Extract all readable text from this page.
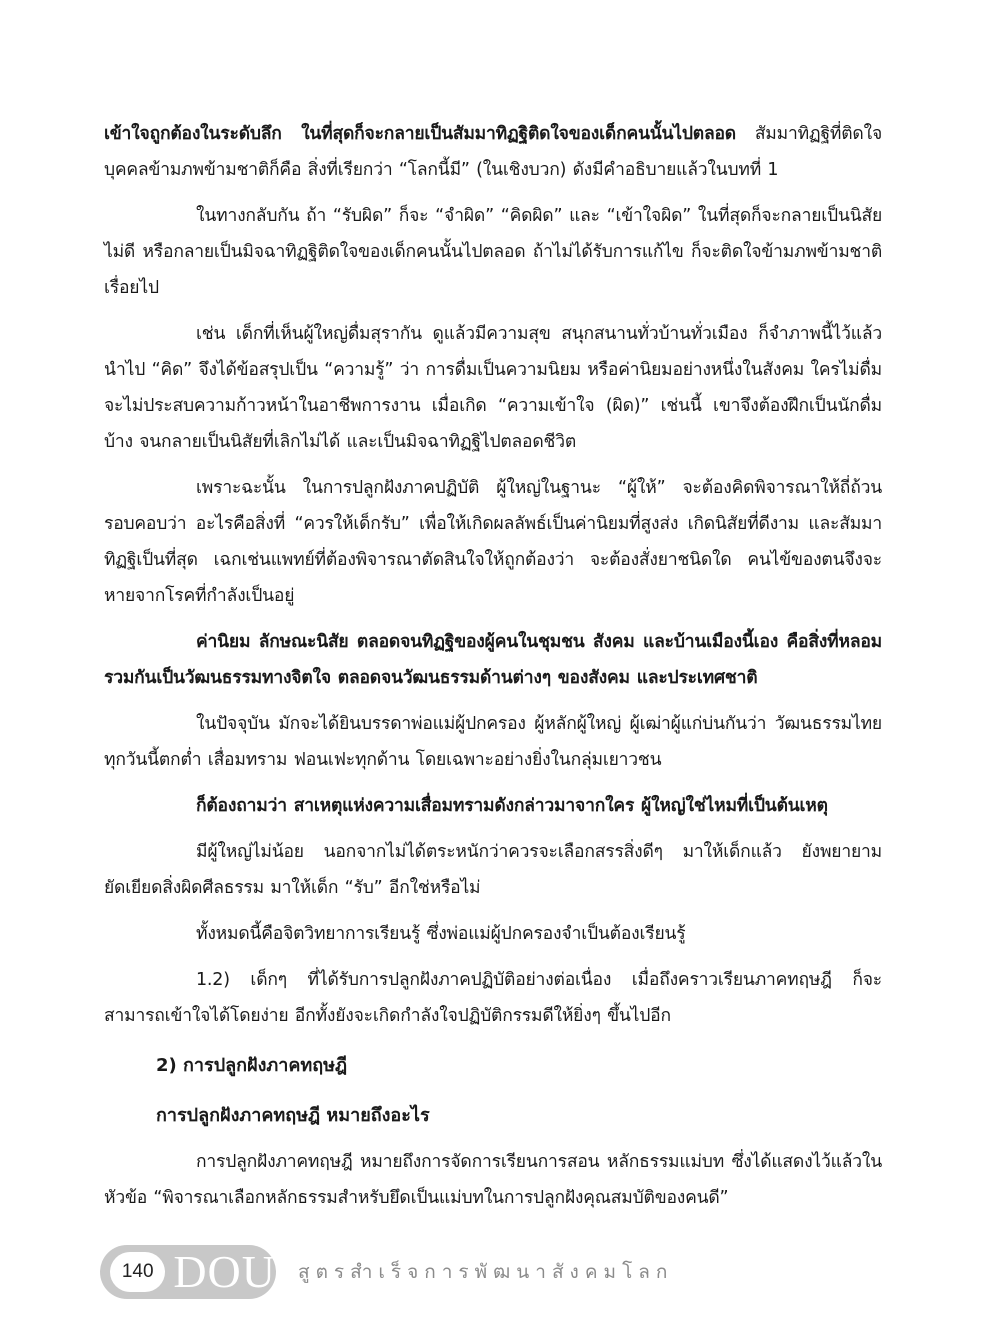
เข้าใจถูกต้องในระดับลึก ในที่สุดก็จะกลายเป็นสัมมาทิฏฐิติดใจของเด็กคนนั้นไปตลอด สัมมาทิฏฐิที่ติดใจบุคคลข้ามภพข้ามชาติก็คือ สิ่งที่เรียกว่า “โลกนี้มี” (ในเชิงบวก) ดังมีคำอธิบายแล้วในบทที่ 1

ในทางกลับกัน ถ้า “รับผิด” ก็จะ “จำผิด” “คิดผิด” และ “เข้าใจผิด” ในที่สุดก็จะกลายเป็นนิสัยไม่ดี หรือกลายเป็นมิจฉาทิฏฐิติดใจของเด็กคนนั้นไปตลอด ถ้าไม่ได้รับการแก้ไข ก็จะติดใจข้ามภพข้ามชาติเรื่อยไป

เช่น เด็กที่เห็นผู้ใหญ่ดื่มสุรากัน ดูแล้วมีความสุข สนุกสนานทั่วบ้านทั่วเมือง ก็จำภาพนี้ไว้แล้วนำไป “คิด” จึงได้ข้อสรุปเป็น “ความรู้” ว่า การดื่มเป็นความนิยม หรือค่านิยมอย่างหนึ่งในสังคม ใครไม่ดื่มจะไม่ประสบความก้าวหน้าในอาชีพการงาน เมื่อเกิด “ความเข้าใจ (ผิด)” เช่นนี้ เขาจึงต้องฝึกเป็นนักดื่มบ้าง จนกลายเป็นนิสัยที่เลิกไม่ได้ และเป็นมิจฉาทิฏฐิไปตลอดชีวิต

เพราะฉะนั้น ในการปลูกฝังภาคปฏิบัติ ผู้ใหญ่ในฐานะ “ผู้ให้” จะต้องคิดพิจารณาให้ถี่ถ้วนรอบคอบว่า อะไรคือสิ่งที่ “ควรให้เด็กรับ” เพื่อให้เกิดผลลัพธ์เป็นค่านิยมที่สูงส่ง เกิดนิสัยที่ดีงาม และสัมมาทิฏฐิเป็นที่สุด เฉกเช่นแพทย์ที่ต้องพิจารณาตัดสินใจให้ถูกต้องว่า จะต้องสั่งยาชนิดใด คนไข้ของตนจึงจะหายจากโรคที่กำลังเป็นอยู่

ค่านิยม ลักษณะนิสัย ตลอดจนทิฏฐิของผู้คนในชุมชน สังคม และบ้านเมืองนี้เอง คือสิ่งที่หลอมรวมกันเป็นวัฒนธรรมทางจิตใจ ตลอดจนวัฒนธรรมด้านต่างๆ ของสังคม และประเทศชาติ

ในปัจจุบัน มักจะได้ยินบรรดาพ่อแม่ผู้ปกครอง ผู้หลักผู้ใหญ่ ผู้เฒ่าผู้แก่บ่นกันว่า วัฒนธรรมไทยทุกวันนี้ตกต่ำ เสื่อมทราม ฟอนเฟะทุกด้าน โดยเฉพาะอย่างยิ่งในกลุ่มเยาวชน

ก็ต้องถามว่า สาเหตุแห่งความเสื่อมทรามดังกล่าวมาจากใคร ผู้ใหญ่ใช่ไหมที่เป็นต้นเหตุ

มีผู้ใหญ่ไม่น้อย นอกจากไม่ได้ตระหนักว่าควรจะเลือกสรรสิ่งดีๆ มาให้เด็กแล้ว ยังพยายามยัดเยียดสิ่งผิดศีลธรรม มาให้เด็ก “รับ” อีกใช่หรือไม่

ทั้งหมดนี้คือจิตวิทยาการเรียนรู้ ซึ่งพ่อแม่ผู้ปกครองจำเป็นต้องเรียนรู้

1.2) เด็กๆ ที่ได้รับการปลูกฝังภาคปฏิบัติอย่างต่อเนื่อง เมื่อถึงคราวเรียนภาคทฤษฎี ก็จะสามารถเข้าใจได้โดยง่าย อีกทั้งยังจะเกิดกำลังใจปฏิบัติกรรมดีให้ยิ่งๆ ขึ้นไปอีก

2) การปลูกฝังภาคทฤษฎี

การปลูกฝังภาคทฤษฎี หมายถึงอะไร

การปลูกฝังภาคทฤษฎี หมายถึงการจัดการเรียนการสอน หลักธรรมแม่บท ซึ่งได้แสดงไว้แล้วในหัวข้อ “พิจารณาเลือกหลักธรรมสำหรับยึดเป็นแม่บทในการปลูกฝังคุณสมบัติของคนดี”

140 DOU สูตรสำเร็จการพัฒนาสังคมโลก
